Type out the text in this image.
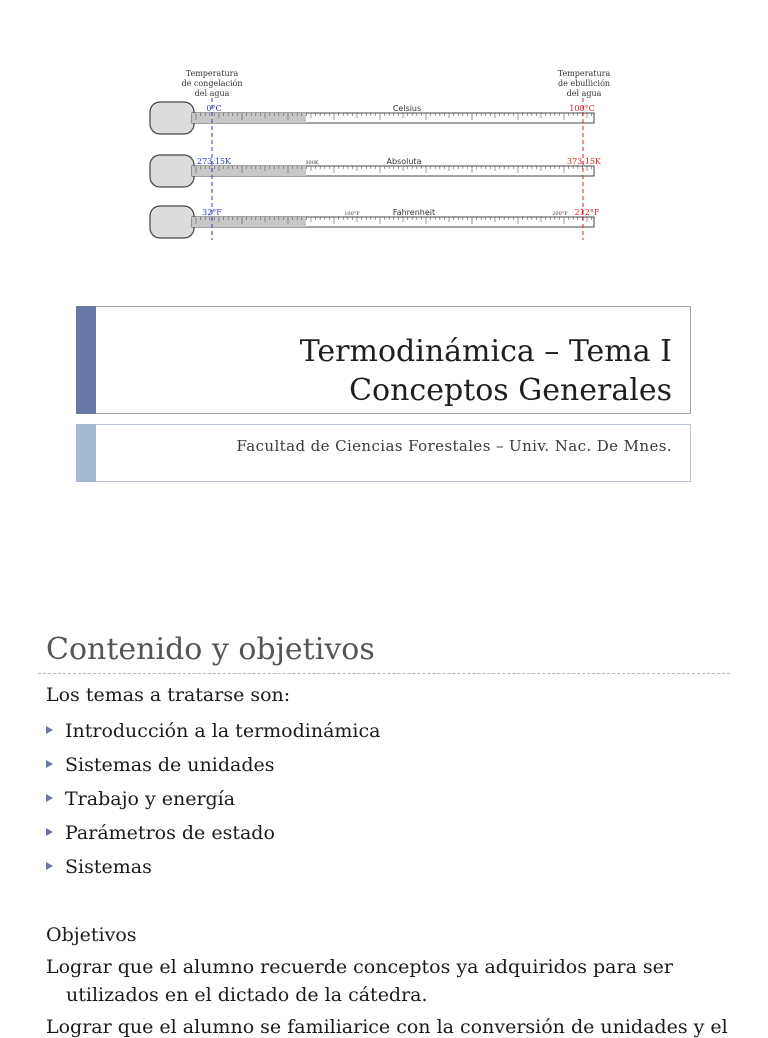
Temperatura
de congelación
del agua
Temperatura
de ebullición
del agua
0°C	Celsius	100°C
273.15K	300K	Absoluta	373.15K
32°F	100°F	Fahrenheit	200°F 212°F
Termodinámica – Tema I
Conceptos Generales
Facultad de Ciencias Forestales – Univ. Nac. De Mnes.
Contenido y objetivos
Los temas a tratarse son:
Introducción a la termodinámica
Sistemas de unidades
Trabajo y energía
Parámetros de estado
Sistemas
Objetivos
Lograr que el alumno recuerde conceptos ya adquiridos para ser
utilizados en el dictado de la cátedra.
Lograr que el alumno se familiarice con la conversión de unidades y el
